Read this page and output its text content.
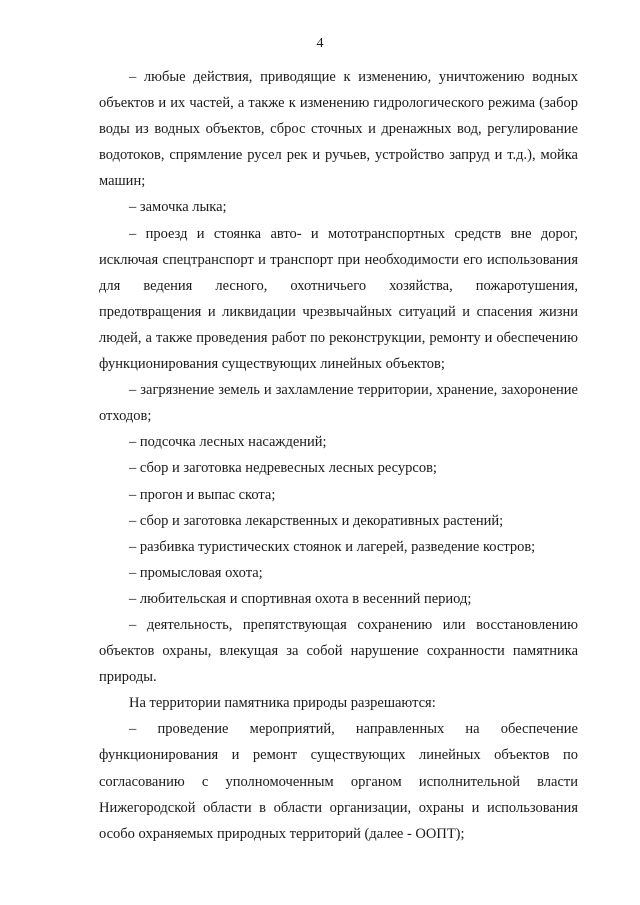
4

– любые действия, приводящие к изменению, уничтожению водных объектов и их частей, а также к изменению гидрологического режима (забор воды из водных объектов, сброс сточных и дренажных вод, регулирование водотоков, спрямление русел рек и ручьев, устройство запруд и т.д.), мойка машин;

– замочка лыка;

– проезд и стоянка авто- и мототранспортных средств вне дорог, исключая спецтранспорт и транспорт при необходимости его использования для ведения лесного, охотничьего хозяйства, пожаротушения, предотвращения и ликвидации чрезвычайных ситуаций и спасения жизни людей, а также проведения работ по реконструкции, ремонту и обеспечению функционирования существующих линейных объектов;

– загрязнение земель и захламление территории, хранение, захоронение отходов;

– подсочка лесных насаждений;

– сбор и заготовка недревесных лесных ресурсов;

– прогон и выпас скота;

– сбор и заготовка лекарственных и декоративных растений;

– разбивка туристических стоянок и лагерей, разведение костров;

– промысловая охота;

– любительская и спортивная охота в весенний период;

– деятельность, препятствующая сохранению или восстановлению объектов охраны, влекущая за собой нарушение сохранности памятника природы.

На территории памятника природы разрешаются:

– проведение мероприятий, направленных на обеспечение функционирования и ремонт существующих линейных объектов по согласованию с уполномоченным органом исполнительной власти Нижегородской области в области организации, охраны и использования особо охраняемых природных территорий (далее - ООПТ);
